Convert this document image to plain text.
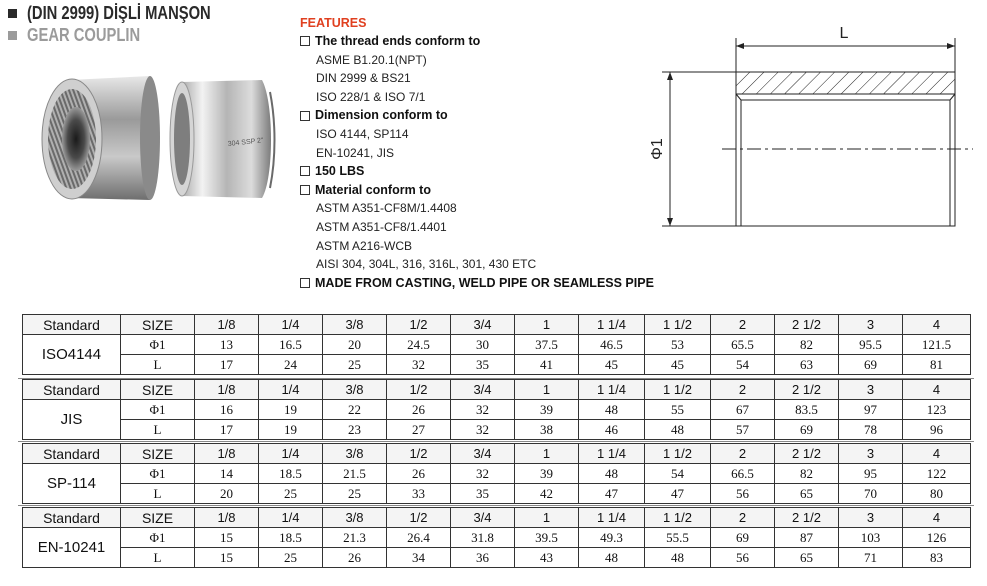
(DIN 2999) DİŞLİ MANŞON
GEAR COUPLIN
304 SSP 2"
FEATURES
The thread ends conform to
ASME B1.20.1(NPT)
DIN 2999 & BS21
ISO 228/1 & ISO 7/1
Dimension conform to
ISO 4144, SP114
EN-10241, JIS
150 LBS
Material conform to
ASTM A351-CF8M/1.4408
ASTM A351-CF8/1.4401
ASTM A216-WCB
AISI 304, 304L, 316, 316L, 301, 430 ETC
MADE FROM CASTING, WELD PIPE OR SEAMLESS PIPE
L
Φ1
Standard	SIZE	1/8	1/4	3/8	1/2	3/4	1	1 1/4	1 1/2	2	2 1/2	3	4
ISO4144	Φ1	13	16.5	20	24.5	30	37.5	46.5	53	65.5	82	95.5	121.5
	L	17	24	25	32	35	41	45	45	54	63	69	81
Standard	SIZE	1/8	1/4	3/8	1/2	3/4	1	1 1/4	1 1/2	2	2 1/2	3	4
JIS	Φ1	16	19	22	26	32	39	48	55	67	83.5	97	123
	L	17	19	23	27	32	38	46	48	57	69	78	96
Standard	SIZE	1/8	1/4	3/8	1/2	3/4	1	1 1/4	1 1/2	2	2 1/2	3	4
SP-114	Φ1	14	18.5	21.5	26	32	39	48	54	66.5	82	95	122
	L	20	25	25	33	35	42	47	47	56	65	70	80
Standard	SIZE	1/8	1/4	3/8	1/2	3/4	1	1 1/4	1 1/2	2	2 1/2	3	4
EN-10241	Φ1	15	18.5	21.3	26.4	31.8	39.5	49.3	55.5	69	87	103	126
	L	15	25	26	34	36	43	48	48	56	65	71	83
